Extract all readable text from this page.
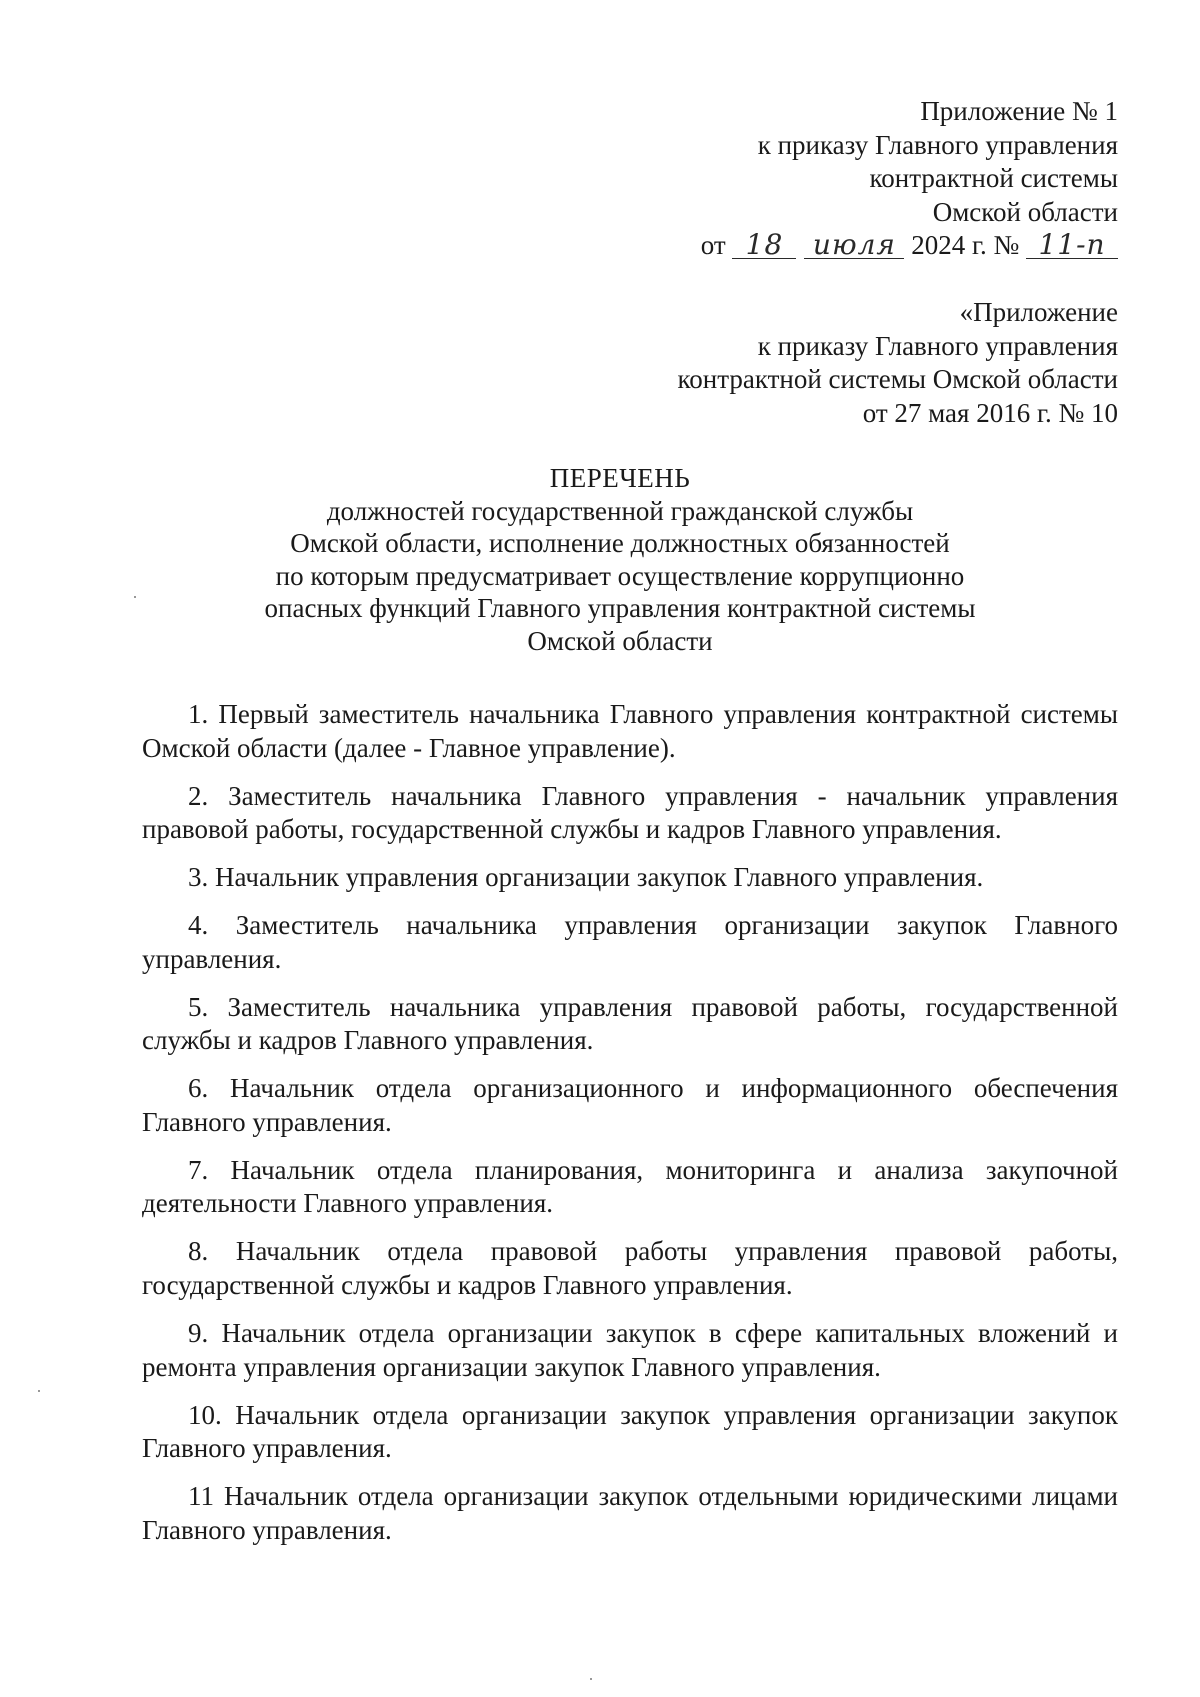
Приложение № 1
к приказу Главного управления
контрактной системы
Омской области
от 18 июля 2024 г. № 11-п
«Приложение
к приказу Главного управления
контрактной системы Омской области
от 27 мая 2016 г. № 10
ПЕРЕЧЕНЬ
должностей государственной гражданской службы
Омской области, исполнение должностных обязанностей
по которым предусматривает осуществление коррупционно
опасных функций Главного управления контрактной системы
Омской области

1. Первый заместитель начальника Главного управления контрактной системы Омской области (далее - Главное управление).

2. Заместитель начальника Главного управления - начальник управления правовой работы, государственной службы и кадров Главного управления.

3. Начальник управления организации закупок Главного управления.

4. Заместитель начальника управления организации закупок Главного управления.

5. Заместитель начальника управления правовой работы, государственной службы и кадров Главного управления.

6. Начальник отдела организационного и информационного обеспечения Главного управления.

7. Начальник отдела планирования, мониторинга и анализа закупочной деятельности Главного управления.

8. Начальник отдела правовой работы управления правовой работы, государственной службы и кадров Главного управления.

9. Начальник отдела организации закупок в сфере капитальных вложений и ремонта управления организации закупок Главного управления.

10. Начальник отдела организации закупок управления организации закупок Главного управления.

11 Начальник отдела организации закупок отдельными юридическими лицами Главного управления.
